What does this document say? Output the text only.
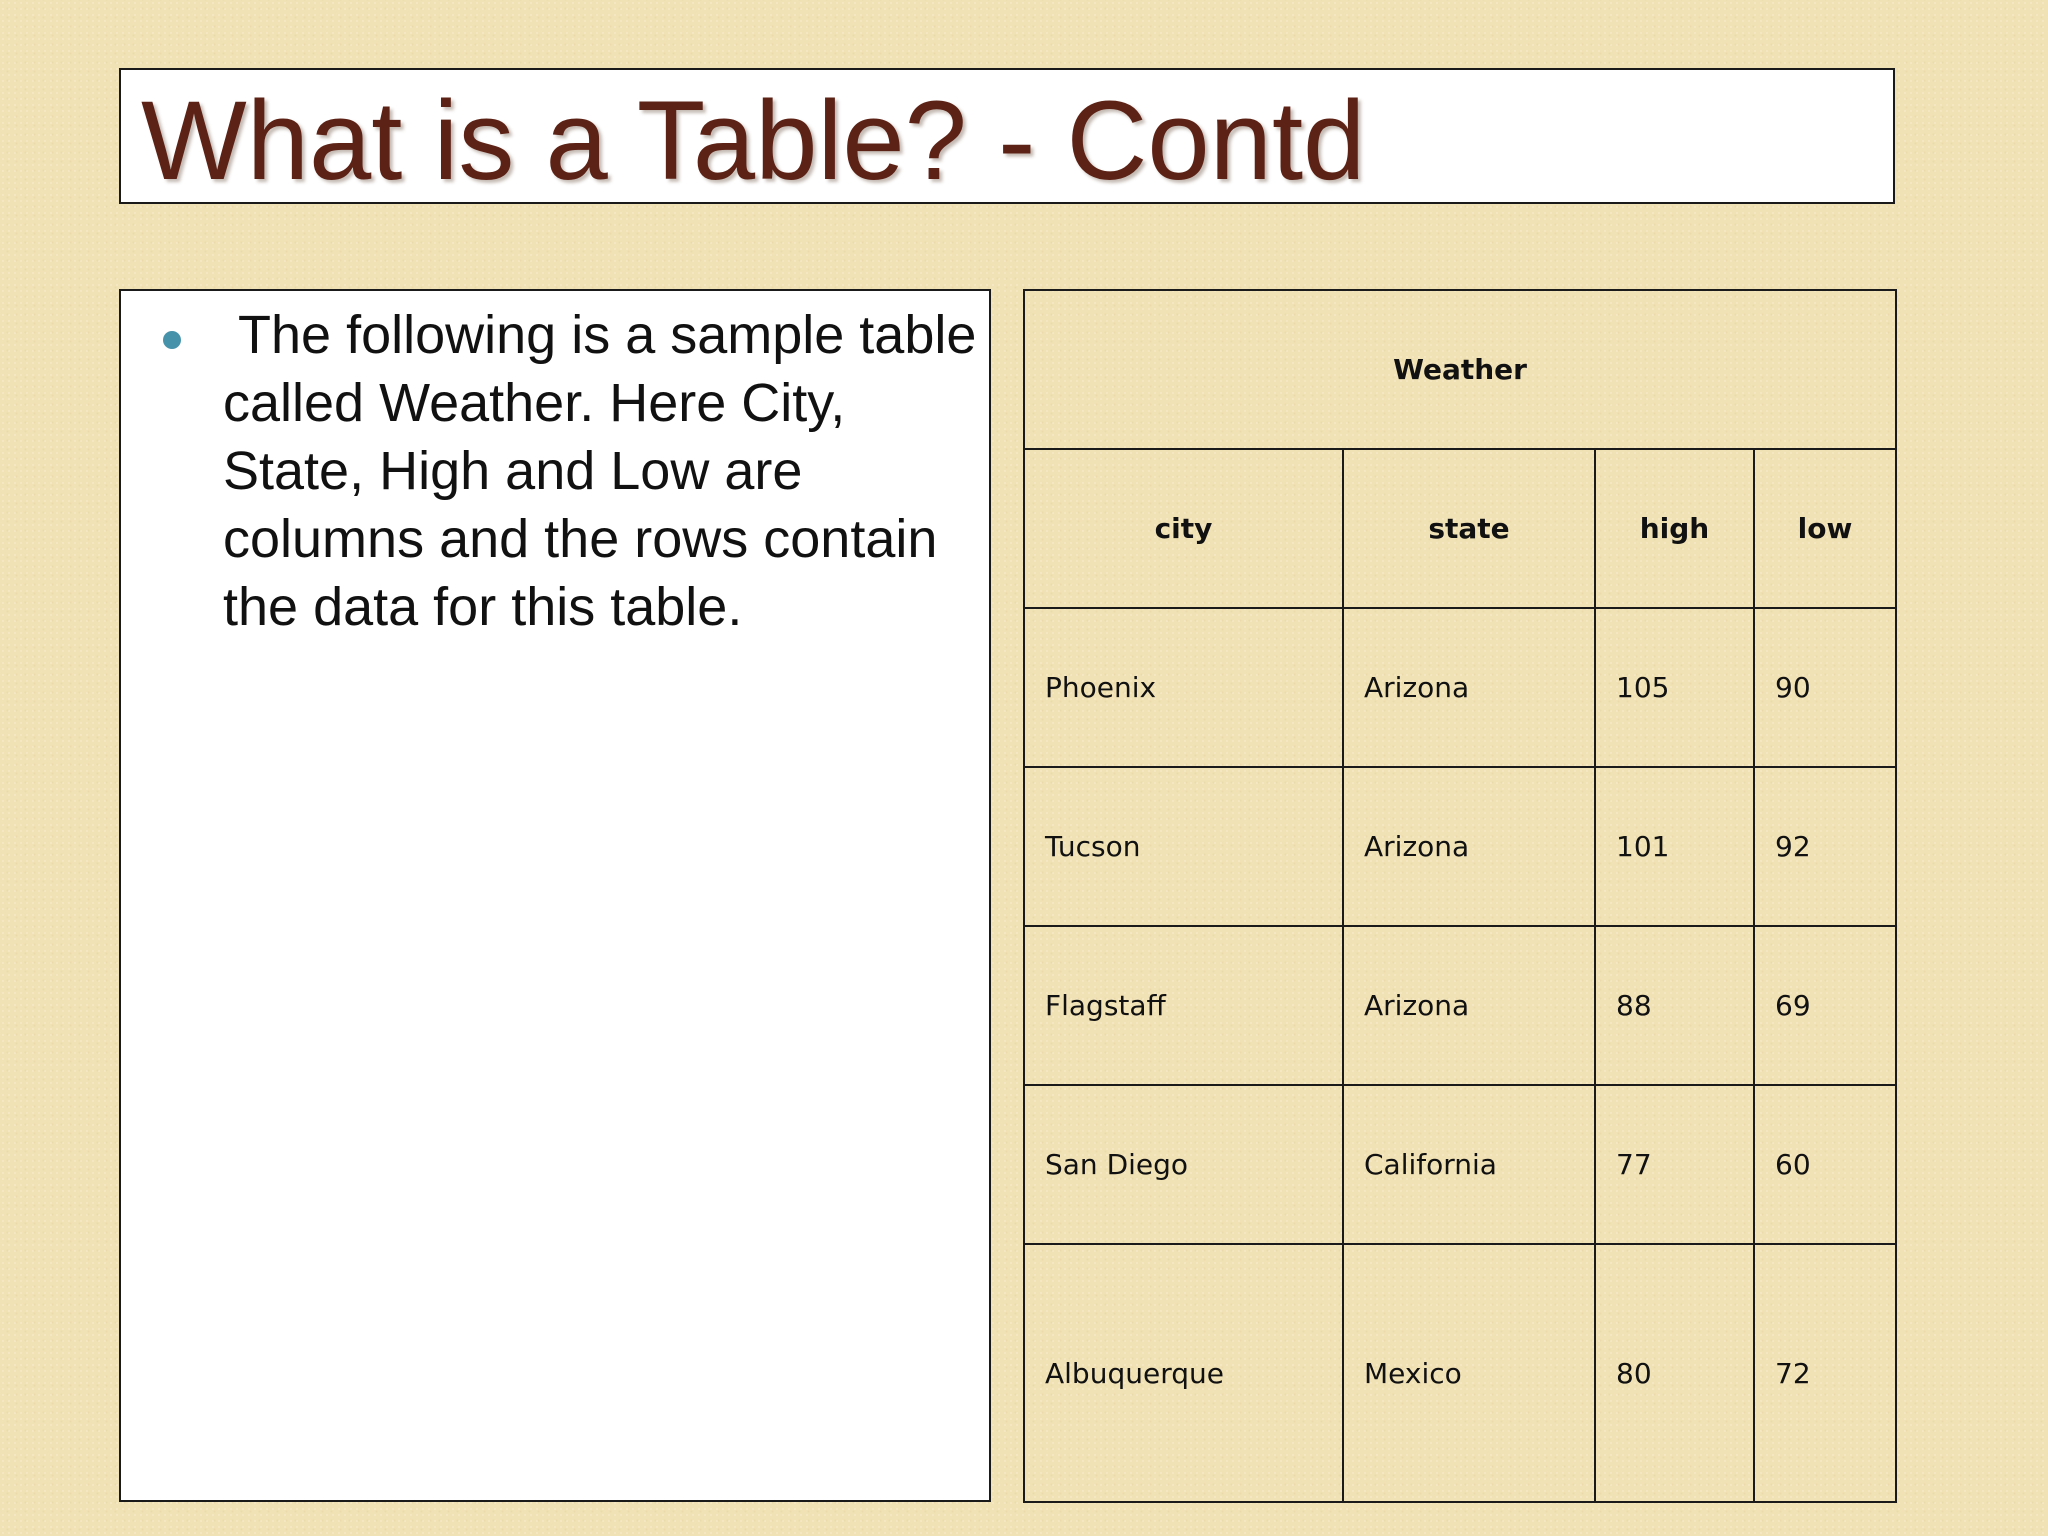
What is a Table? - Contd

The following is a sample table called Weather. Here City, State, High and Low are columns and the rows contain the data for this table.

Weather			
city	state	high	low
Phoenix	Arizona	105	90
Tucson	Arizona	101	92
Flagstaff	Arizona	88	69
San Diego	California	77	60
Albuquerque	Mexico	80	72
